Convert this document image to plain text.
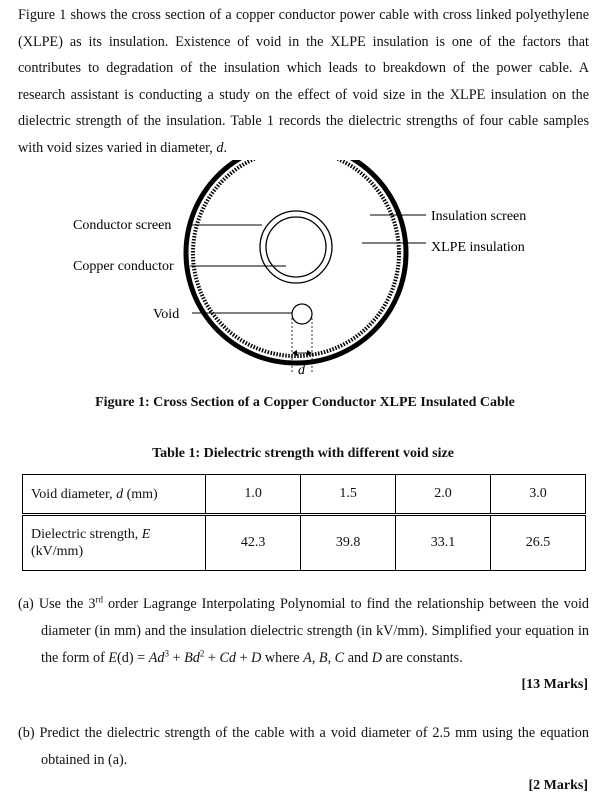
Figure 1 shows the cross section of a copper conductor power cable with cross linked polyethylene (XLPE) as its insulation. Existence of void in the XLPE insulation is one of the factors that contributes to degradation of the insulation which leads to breakdown of the power cable. A research assistant is conducting a study on the effect of void size in the XLPE insulation on the dielectric strength of the insulation. Table 1 records the dielectric strengths of four cable samples with void sizes varied in diameter, d.

Conductor screen
Copper conductor
Void
Insulation screen
XLPE insulation
d

Figure 1: Cross Section of a Copper Conductor XLPE Insulated Cable

Table 1: Dielectric strength with different void size

Void diameter, d (mm)	1.0	1.5	2.0	3.0
Dielectric strength, E
(kV/mm)	42.3	39.8	33.1	26.5

(a) Use the 3rd order Lagrange Interpolating Polynomial to find the relationship between the void diameter (in mm) and the insulation dielectric strength (in kV/mm). Simplified your equation in the form of $E(d) = Ad^3 + Bd^2 + Cd + D$ where A, B, C and D are constants.

[13 Marks]

(b) Predict the dielectric strength of the cable with a void diameter of 2.5 mm using the equation obtained in (a).

[2 Marks]
